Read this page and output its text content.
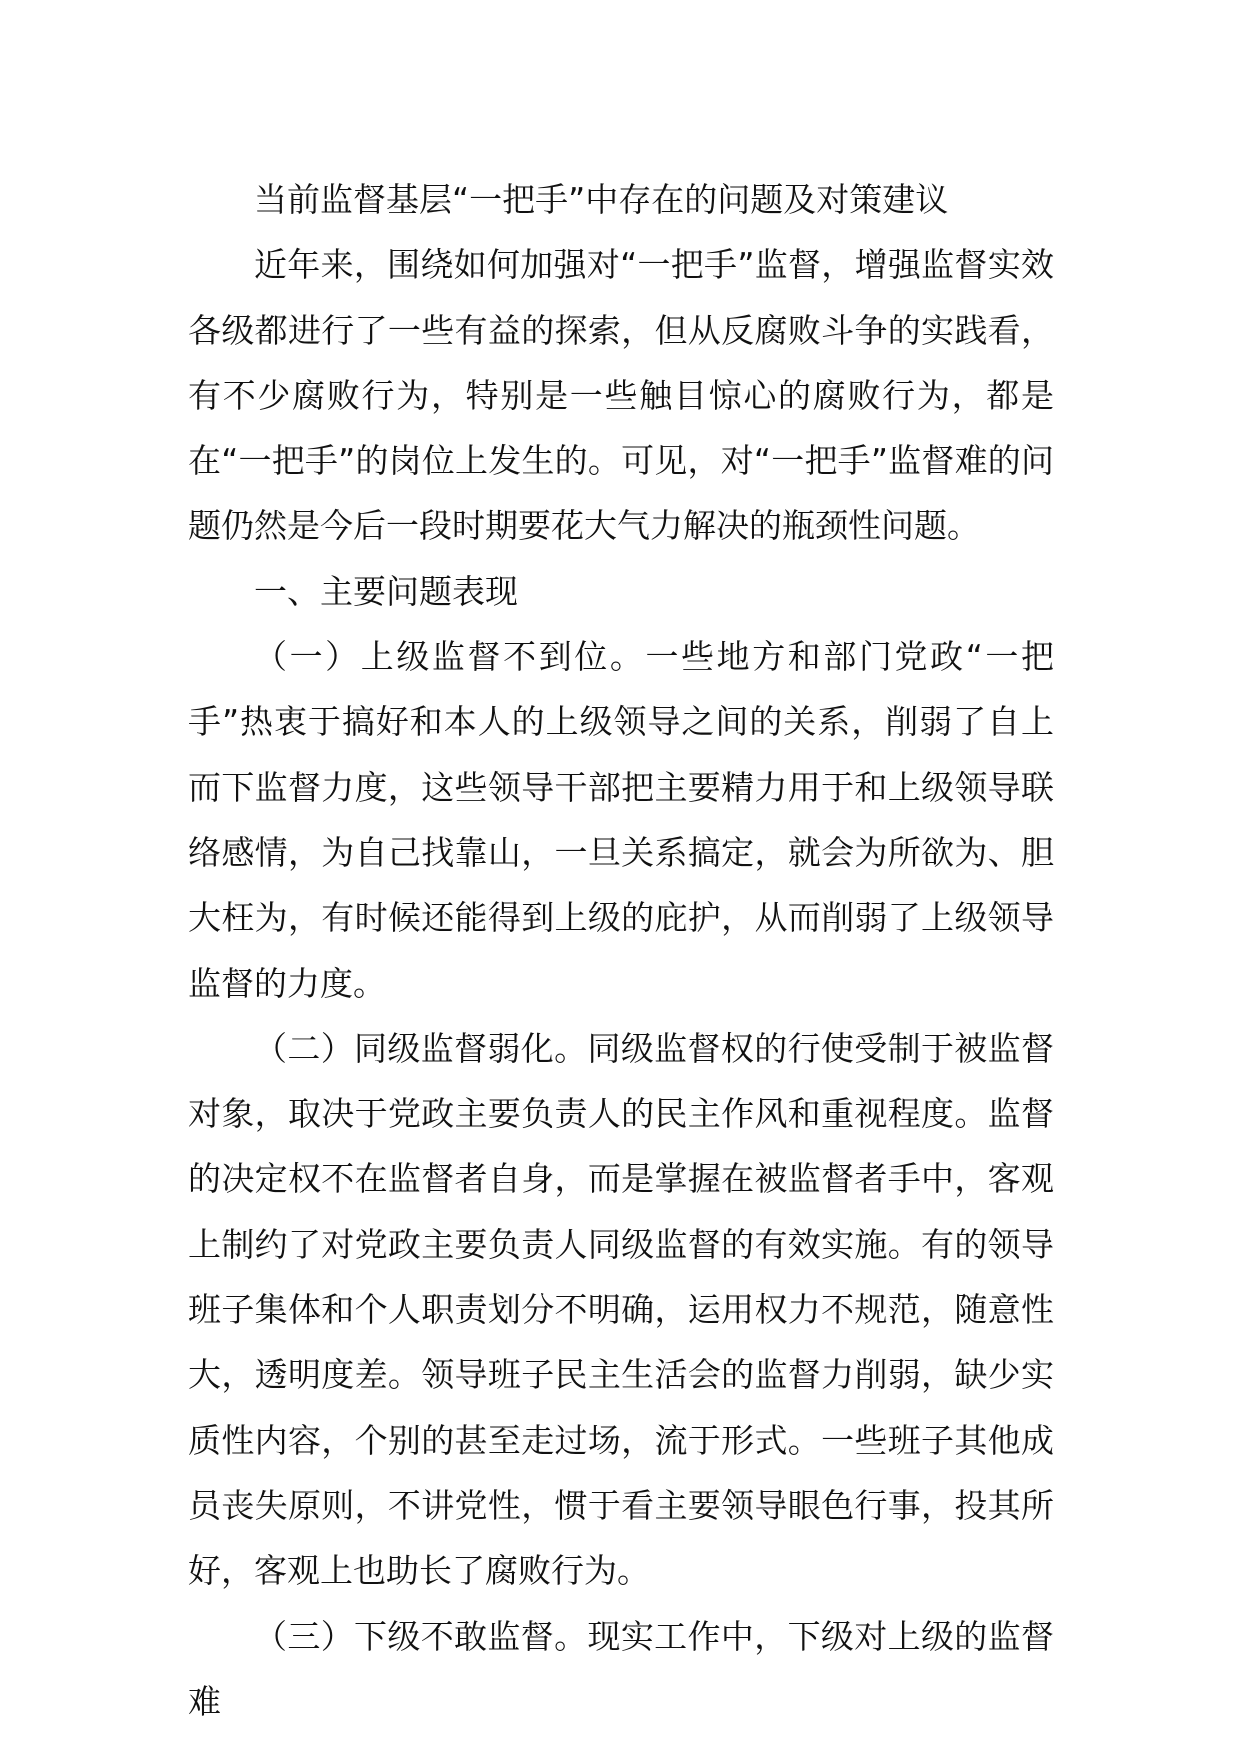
当前监督基层“一把手”中存在的问题及对策建议

近年来，围绕如何加强对“一把手”监督，增强监督实效各级都进行了一些有益的探索，但从反腐败斗争的实践看，有不少腐败行为，特别是一些触目惊心的腐败行为，都是在“一把手”的岗位上发生的。可见，对“一把手”监督难的问题仍然是今后一段时期要花大气力解决的瓶颈性问题。

一、主要问题表现

（一）上级监督不到位。一些地方和部门党政“一把手”热衷于搞好和本人的上级领导之间的关系，削弱了自上而下监督力度，这些领导干部把主要精力用于和上级领导联络感情，为自己找靠山，一旦关系搞定，就会为所欲为、胆大枉为，有时候还能得到上级的庇护，从而削弱了上级领导监督的力度。

（二）同级监督弱化。同级监督权的行使受制于被监督对象，取决于党政主要负责人的民主作风和重视程度。监督的决定权不在监督者自身，而是掌握在被监督者手中，客观上制约了对党政主要负责人同级监督的有效实施。有的领导班子集体和个人职责划分不明确，运用权力不规范，随意性大，透明度差。领导班子民主生活会的监督力削弱，缺少实质性内容，个别的甚至走过场，流于形式。一些班子其他成员丧失原则，不讲党性，惯于看主要领导眼色行事，投其所好，客观上也助长了腐败行为。

（三）下级不敢监督。现实工作中，下级对上级的监督难
